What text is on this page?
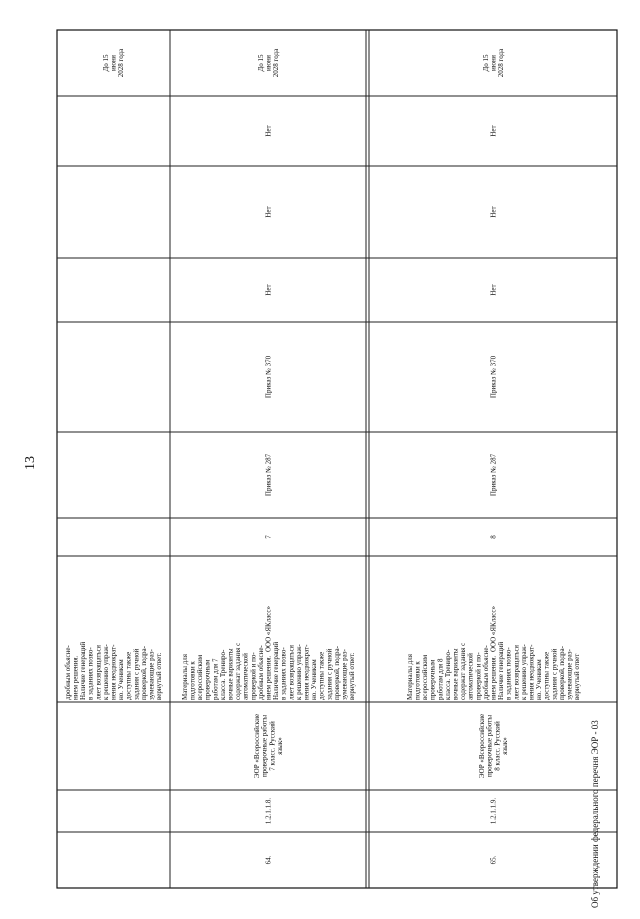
13
Об утверждении федерального перечня ЭОР - 03
дробным объясне- нием решения. Наличие генераций в заданиях позво- ляет возвращаться к решению упраж- нения неоднократ- но. Ученикам доступны также задания с ручной проверкой, подра- зумевающие раз- вернутый ответ.
До 15 июня 2028 года
64.
1.2.1.1.8.
ЭОР «Всероссийские проверочные работы 7 класс. Русский язык»
Материалы для подготовки к всероссийским проверочным работам для 7 класса. Трениро- вочные варианты содержат задания с автоматической проверкой и по- дробным объясне- нием решения. Наличие генераций в заданиях позво- ляет возвращаться к решению упраж- нения неоднократ- но. Ученикам доступны также задания с ручной проверкой, подра- зумевающие раз- вернутый ответ.
ООО «ЯКласс»
7
Приказ № 287
Приказ № 370
Нет
Нет
Нет
До 15 июня 2028 года
65.
1.2.1.1.9.
ЭОР «Всероссийские проверочные работы 8 класс. Русский язык»
Материалы для подготовки к всероссийским проверочным работам для 8 класса. Трениро- вочные варианты содержат задания с автоматической проверкой и по- дробным объясне- нием решения. Наличие генераций в заданиях позво- ляет возвращаться к решению упраж- нения неоднократ- но. Ученикам доступны также задания с ручной проверкой, подра- зумевающие раз- вернутый ответ
ООО «ЯКласс»
8
Приказ № 287
Приказ № 370
Нет
Нет
Нет
До 15 июня 2028 года
